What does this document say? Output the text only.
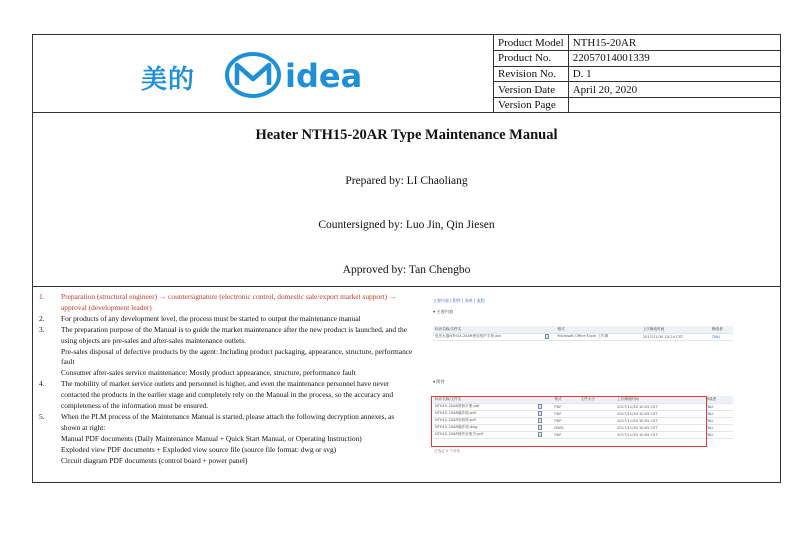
美的	idea
Product Model	NTH15-20AR
Product No.	22057014001339
Revision No.	D. 1
Version Date	April 20, 2020
Version Page	
Heater NTH15-20AR Type Maintenance Manual
Prepared by: LI Chaoliang
Countersigned by: Luo Jin, Qin Jiesen
Approved by: Tan Chengbo
1. Preparation (structural engineer) → countersignature (electronic control, domestic sale/export market support) → approval (development leader)
2. For products of any development level, the process must be started to output the maintenance manual
3. The preparation purpose of the Manual is to guide the market maintenance after the new product is launched, and the using objects are pre-sales and after-sales maintenance outlets.
Pre-sales disposal of defective products by the agent: Including product packaging, appearance, structure, performance fault
Consumer after-sales service maintenance: Mostly product appearance, structure, performance fault
4. The mobility of market service outlets and personnel is higher, and even the maintenance personnel have never contacted the products in the earlier stage and completely rely on the Manual in the process, so the accuracy and completeness of the information must be ensured.
5. When the PLM process of the Maintenance Manual is started, please attach the following decryption annexes, as shown at right:
Manual PDF documents (Daily Maintenance Manual + Quick Start Manual, or Operating Instruction)
Exploded view PDF documents + Exploded view source file (source file format: dwg or svg)
Circuit diagram PDF documents (control board + power panel)
主要内容 | 附件 | 表单 | 流程
▾ 主要内容
标识名称/文件名		格式	上次修改时间	修改者
电热水器NTH15-20AR使用维护手册.doc		Microsoft Office Excel 工作簿	2017/11/30 10:24 CST	TNLI
▾ 附件
标识名称/文件名		格式	文件大小	上次修改时间	修改者
NTH15-20AR维修手册.pdf		PDF		2017/11/30 10:05 CST	TNLI
NTH15-20AR爆炸图.pdf		PDF		2017/11/30 10:05 CST	TNLI
NTH15-20AR电路图.pdf		PDF		2017/11/30 10:05 CST	TNLI
NTH15-20AR爆炸图.dwg		DWG		2017/11/30 10:05 CST	TNLI
NTH15-20AR操作说明书.pdf		PDF		2017/11/30 10:05 CST	TNLI
已选定 0 个对象
